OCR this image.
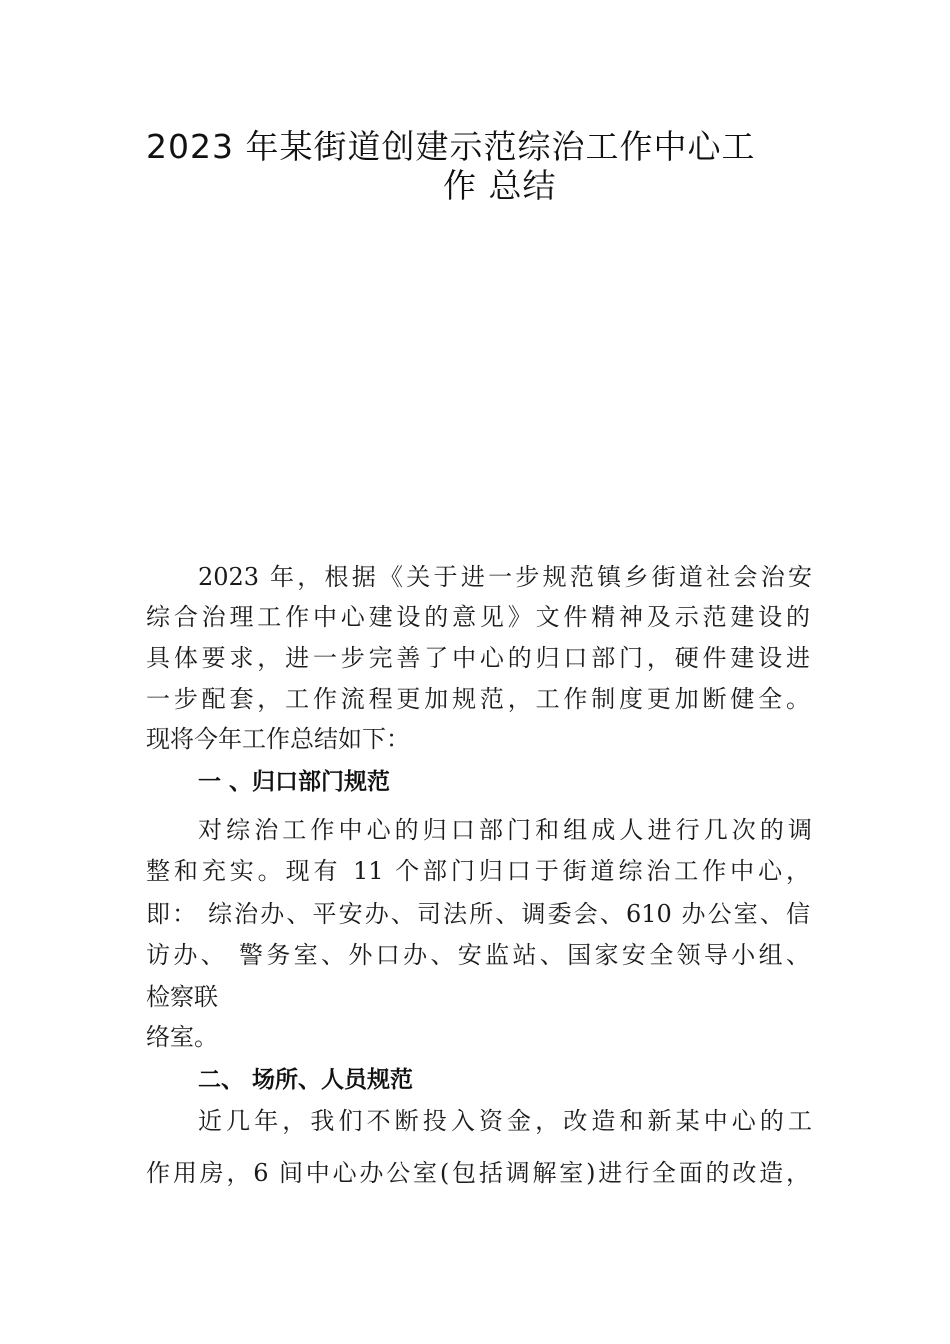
2023 年某街道创建示范综治工作中心工
作 总结
2023 年，根据《关于进一步规范镇乡街道社会治安
综合治理工作中心建设的意见》文件精神及示范建设的
具体要求，进一步完善了中心的归口部门，硬件建设进
一步配套，工作流程更加规范，工作制度更加断健全。
现将今年工作总结如下：
一 、归口部门规范
对综治工作中心的归口部门和组成人进行几次的调
整和充实。现有 11 个部门归口于街道综治工作中心，
即： 综治办、平安办、司法所、调委会、610 办公室、信
访办、 警务室、外口办、安监站、国家安全领导小组、
检察联
络室。
二、 场所、人员规范
近几年，我们不断投入资金，改造和新某中心的工
作用房，6 间中心办公室(包括调解室)进行全面的改造，
